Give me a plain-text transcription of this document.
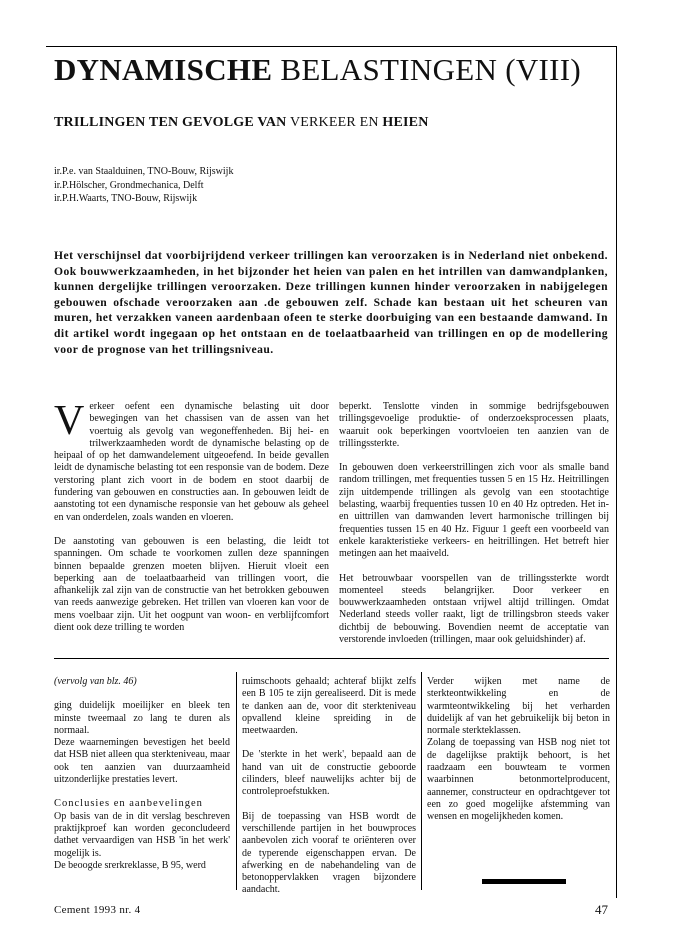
DYNAMISCHE BELASTINGEN (VIII)
TRILLINGEN TEN GEVOLGE VAN VERKEER EN HEIEN
ir.P.e. van Staalduinen, TNO-Bouw, Rijswijk
ir.P.Hölscher, Grondmechanica, Delft
ir.P.H.Waarts, TNO-Bouw, Rijswijk
Het verschijnsel dat voorbijrijdend verkeer trillingen kan veroorzaken is in Nederland niet onbekend. Ook bouwwerkzaamheden, in het bijzonder het heien van palen en het intrillen van damwandplanken, kunnen dergelijke trillingen veroorzaken. Deze trillingen kunnen hinder veroorzaken in nabijgelegen gebouwen ofschade veroorzaken aan .de gebouwen zelf. Schade kan bestaan uit het scheuren van muren, het verzakken vaneen aardenbaan ofeen te sterke doorbuiging van een bestaande damwand. In dit artikel wordt ingegaan op het ontstaan en de toelaatbaarheid van trillingen en op de modellering voor de prognose van het trillingsniveau.

Verkeer oefent een dynamische belasting uit door bewegingen van het chassisen van de assen van het voertuig als gevolg van wegoneffenheden. Bij hei- en trilwerkzaamheden wordt de dynamische belasting op de heipaal of op het damwandelement uitgeoefend. In beide gevallen leidt de dynamische belasting tot een responsie van de bodem. Deze verstoring plant zich voort in de bodem en stoot daarbij de fundering van gebouwen en constructies aan. In gebouwen leidt de aanstoting tot een dynamische responsie van het gebouw als geheel en van onderdelen, zoals wanden en vloeren.

De aanstoting van gebouwen is een belasting, die leidt tot spanningen. Om schade te voorkomen zullen deze spanningen binnen bepaalde grenzen moeten blijven. Hieruit vloeit een beperking aan de toelaatbaarheid van trillingen voort, die afhankelijk zal zijn van de constructie van het betrokken gebouwen van reeds aanwezige gebreken. Het trillen van vloeren kan voor de mens voelbaar zijn. Uit het oogpunt van woon- en verblijfcomfort dient ook deze trilling te worden

beperkt. Tenslotte vinden in sommige bedrijfsgebouwen trillingsgevoelige produktie- of onderzoeksprocessen plaats, waaruit ook beperkingen voortvloeien ten aanzien van de trillingssterkte.

In gebouwen doen verkeerstrillingen zich voor als smalle band random trillingen, met frequenties tussen 5 en 15 Hz. Heitrillingen zijn uitdempende trillingen als gevolg van een stootachtige belasting, waarbij frequenties tussen 10 en 40 Hz optreden. Het in- en uittrillen van damwanden levert harmonische trillingen bij frequenties tussen 15 en 40 Hz. Figuur 1 geeft een voorbeeld van enkele karakteristieke verkeers- en heitrillingen. Het betreft hier metingen aan het maaiveld.

Het betrouwbaar voorspellen van de trillingssterkte wordt momenteel steeds belangrijker. Door verkeer en bouwwerkzaamheden ontstaan vrijwel altijd trillingen. Omdat Nederland steeds voller raakt, ligt de trillingsbron steeds vaker dichtbij de bebouwing. Bovendien neemt de acceptatie van verstorende invloeden (trillingen, maar ook geluidshinder) af.

(vervolg van blz. 46)

ging duidelijk moeilijker en bleek ten minste tweemaal zo lang te duren als normaal.

Deze waarnemingen bevestigen het beeld dat HSB niet alleen qua sterkteniveau, maar ook ten aanzien van duurzaamheid uitzonderlijke prestaties levert.

Conclusies en aanbevelingen

Op basis van de in dit verslag beschreven praktijkproef kan worden geconcludeerd dathet vervaardigen van HSB 'in het werk' mogelijk is.

De beoogde srerkreklasse, B 95, werd

ruimschoots gehaald; achteraf blijkt zelfs een B 105 te zijn gerealiseerd. Dit is mede te danken aan de, voor dit sterkteniveau opvallend kleine spreiding in de meetwaarden.

De 'sterkte in het werk', bepaald aan de hand van uit de constructie geboorde cilinders, bleef nauwelijks achter bij de controleproefstukken.

Bij de toepassing van HSB wordt de verschillende partijen in het bouwproces aanbevolen zich vooraf te oriënteren over de typerende eigenschappen ervan. De afwerking en de nabehandeling van de betonoppervlakken vragen bijzondere aandacht.

Verder wijken met name de sterkteontwikkeling en de warmteontwikkeling bij het verharden duidelijk af van het gebruikelijk bij beton in normale sterkteklassen.

Zolang de toepassing van HSB nog niet tot de dagelijkse praktijk behoort, is het raadzaam een bouwteam te vormen waarbinnen betonmortelproducent, aannemer, constructeur en opdrachtgever tot een zo goed mogelijke afstemming van wensen en mogelijkheden komen.

Cement 1993 nr. 4	47
